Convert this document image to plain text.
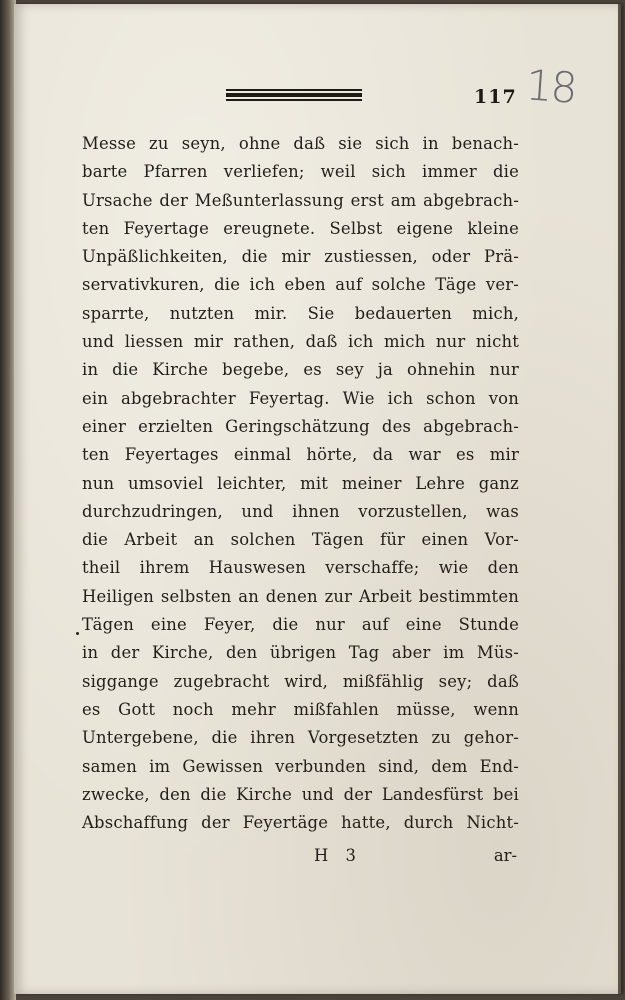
117 18
Messe zu seyn, ohne daß sie sich in benach-
barte Pfarren verliefen; weil sich immer die
Ursache der Meßunterlassung erst am abgebrach-
ten Feyertage ereugnete. Selbst eigene kleine
Unpäßlichkeiten, die mir zustiessen, oder Prä-
servativkuren, die ich eben auf solche Täge ver-
sparrte, nutzten mir. Sie bedauerten mich,
und liessen mir rathen, daß ich mich nur nicht
in die Kirche begebe, es sey ja ohnehin nur
ein abgebrachter Feyertag. Wie ich schon von
einer erzielten Geringschätzung des abgebrach-
ten Feyertages einmal hörte, da war es mir
nun umsoviel leichter, mit meiner Lehre ganz
durchzudringen, und ihnen vorzustellen, was
die Arbeit an solchen Tägen für einen Vor-
theil ihrem Hauswesen verschaffe; wie den
Heiligen selbsten an denen zur Arbeit bestimmten
Tägen eine Feyer, die nur auf eine Stunde
in der Kirche, den übrigen Tag aber im Müs-
siggange zugebracht wird, mißfählig sey; daß
es Gott noch mehr mißfahlen müsse, wenn
Untergebene, die ihren Vorgesetzten zu gehor-
samen im Gewissen verbunden sind, dem End-
zwecke, den die Kirche und der Landesfürst bei
Abschaffung der Feyertäge hatte, durch Nicht-
H 3	ar-
